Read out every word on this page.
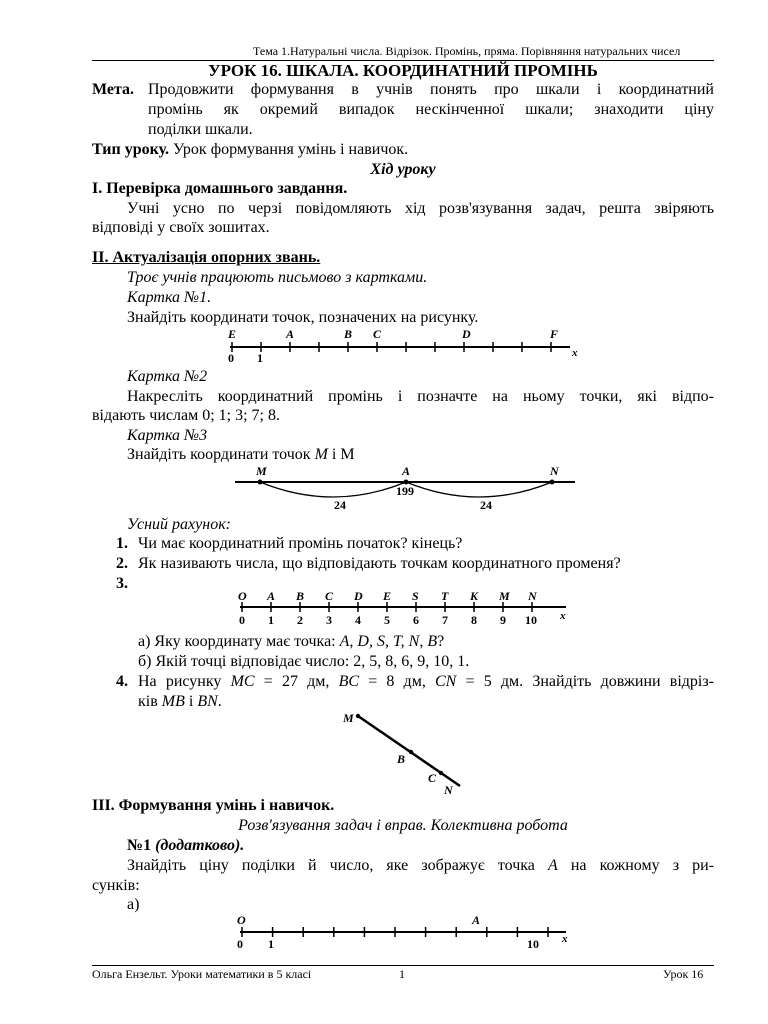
Тема 1.Натуральні числа. Відрізок. Промінь, пряма. Порівняння натуральних чисел
УРОК 16. ШКАЛА. КООРДИНАТНИЙ ПРОМІНЬ
Мета. Продовжити формування в учнів понять про шкали і координатний
промінь як окремий випадок нескінченної шкали; знаходити ціну
поділки шкали.
Тип уроку. Урок формування умінь і навичок.
Хід уроку
І. Перевірка домашнього завдання.
Учні усно по черзі повідомляють хід розв'язування задач, решта звіряють
відповіді у своїх зошитах.
ІІ. Актуалізація опорних звань.
Троє учнів працюють письмово з картками.
Картка №1.
Знайдіть координати точок, позначених на рисунку.
E	A	B C	D	F
0 1	x
Картка №2
Накресліть координатний промінь і позначте на ньому точки, які відпо-
відають числам 0; 1; 3; 7; 8.
Картка №3
Знайдіть координати точок M і М
M	A	N
199
24	24
Усний рахунок:
1. Чи має координатний промінь початок? кінець?
2. Як називають числа, що відповідають точкам координатного променя?
3.
O A B C D E S T K M N
0 1 2 3 4 5 6 7 8 9 10 x
а) Яку координату має точка: A, D, S, T, N, B?
б) Якій точці відповідає число: 2, 5, 8, 6, 9, 10, 1.
4. На рисунку MC = 27 дм, BC = 8 дм, CN = 5 дм. Знайдіть довжини відріз-
ків MB і BN.
M
B
C
N
ІІІ. Формування умінь і навичок.
Розв'язування задач і вправ. Колективна робота
№1 (додатково).
Знайдіть ціну поділки й число, яке зображує точка A на кожному з ри-
сунків:
а)
O	A
0 1	10 x
Ольга Ензельт. Уроки математики в 5 класі	1	Урок 16
